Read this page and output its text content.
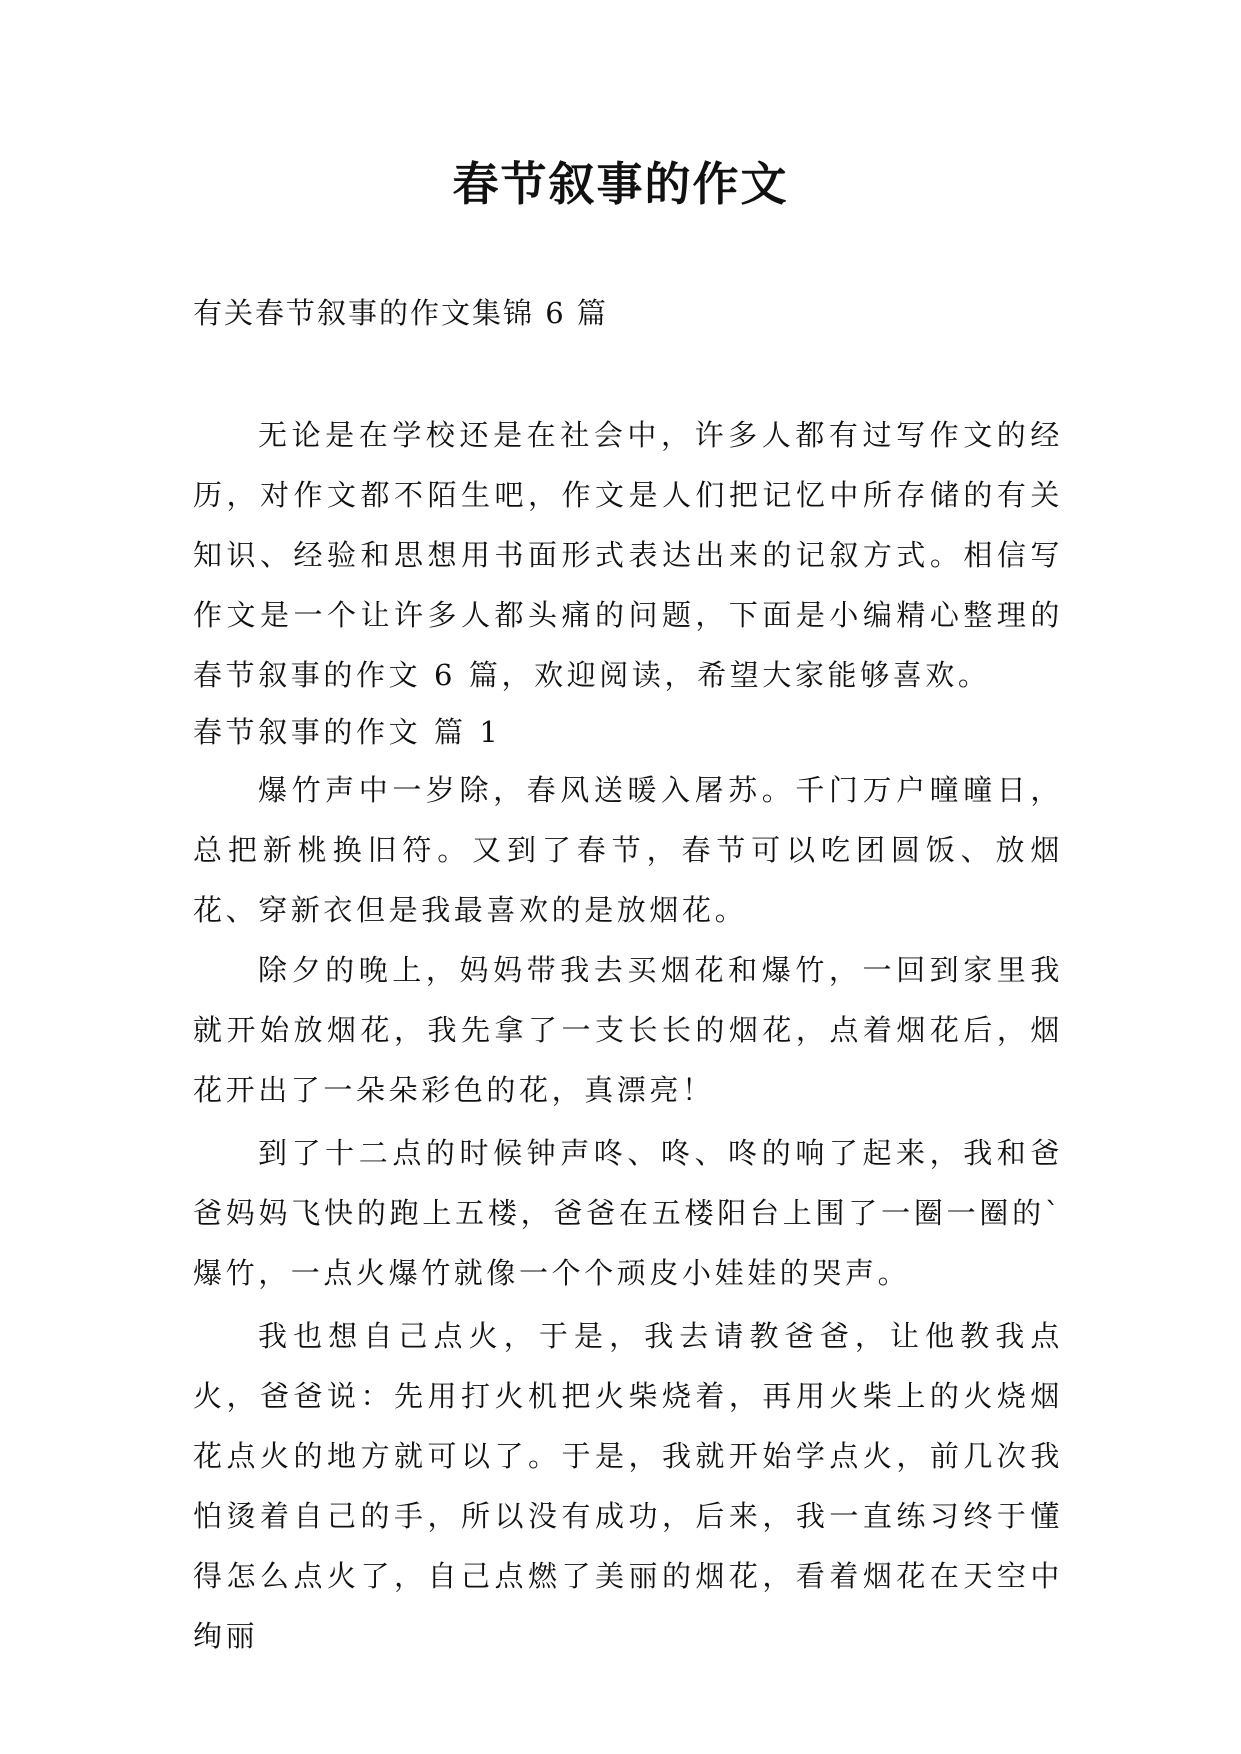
春节叙事的作文

有关春节叙事的作文集锦 6 篇

无论是在学校还是在社会中，许多人都有过写作文的经历，对作文都不陌生吧，作文是人们把记忆中所存储的有关知识、经验和思想用书面形式表达出来的记叙方式。相信写作文是一个让许多人都头痛的问题，下面是小编精心整理的春节叙事的作文 6 篇，欢迎阅读，希望大家能够喜欢。

春节叙事的作文 篇 1

爆竹声中一岁除，春风送暖入屠苏。千门万户曈曈日，总把新桃换旧符。又到了春节，春节可以吃团圆饭、放烟花、穿新衣但是我最喜欢的是放烟花。

除夕的晚上，妈妈带我去买烟花和爆竹，一回到家里我就开始放烟花，我先拿了一支长长的烟花，点着烟花后，烟花开出了一朵朵彩色的花，真漂亮！

到了十二点的时候钟声咚、咚、咚的响了起来，我和爸爸妈妈飞快的跑上五楼，爸爸在五楼阳台上围了一圈一圈的`爆竹，一点火爆竹就像一个个顽皮小娃娃的哭声。

我也想自己点火，于是，我去请教爸爸，让他教我点火，爸爸说：先用打火机把火柴烧着，再用火柴上的火烧烟花点火的地方就可以了。于是，我就开始学点火，前几次我怕烫着自己的手，所以没有成功，后来，我一直练习终于懂得怎么点火了，自己点燃了美丽的烟花，看着烟花在天空中绚丽
